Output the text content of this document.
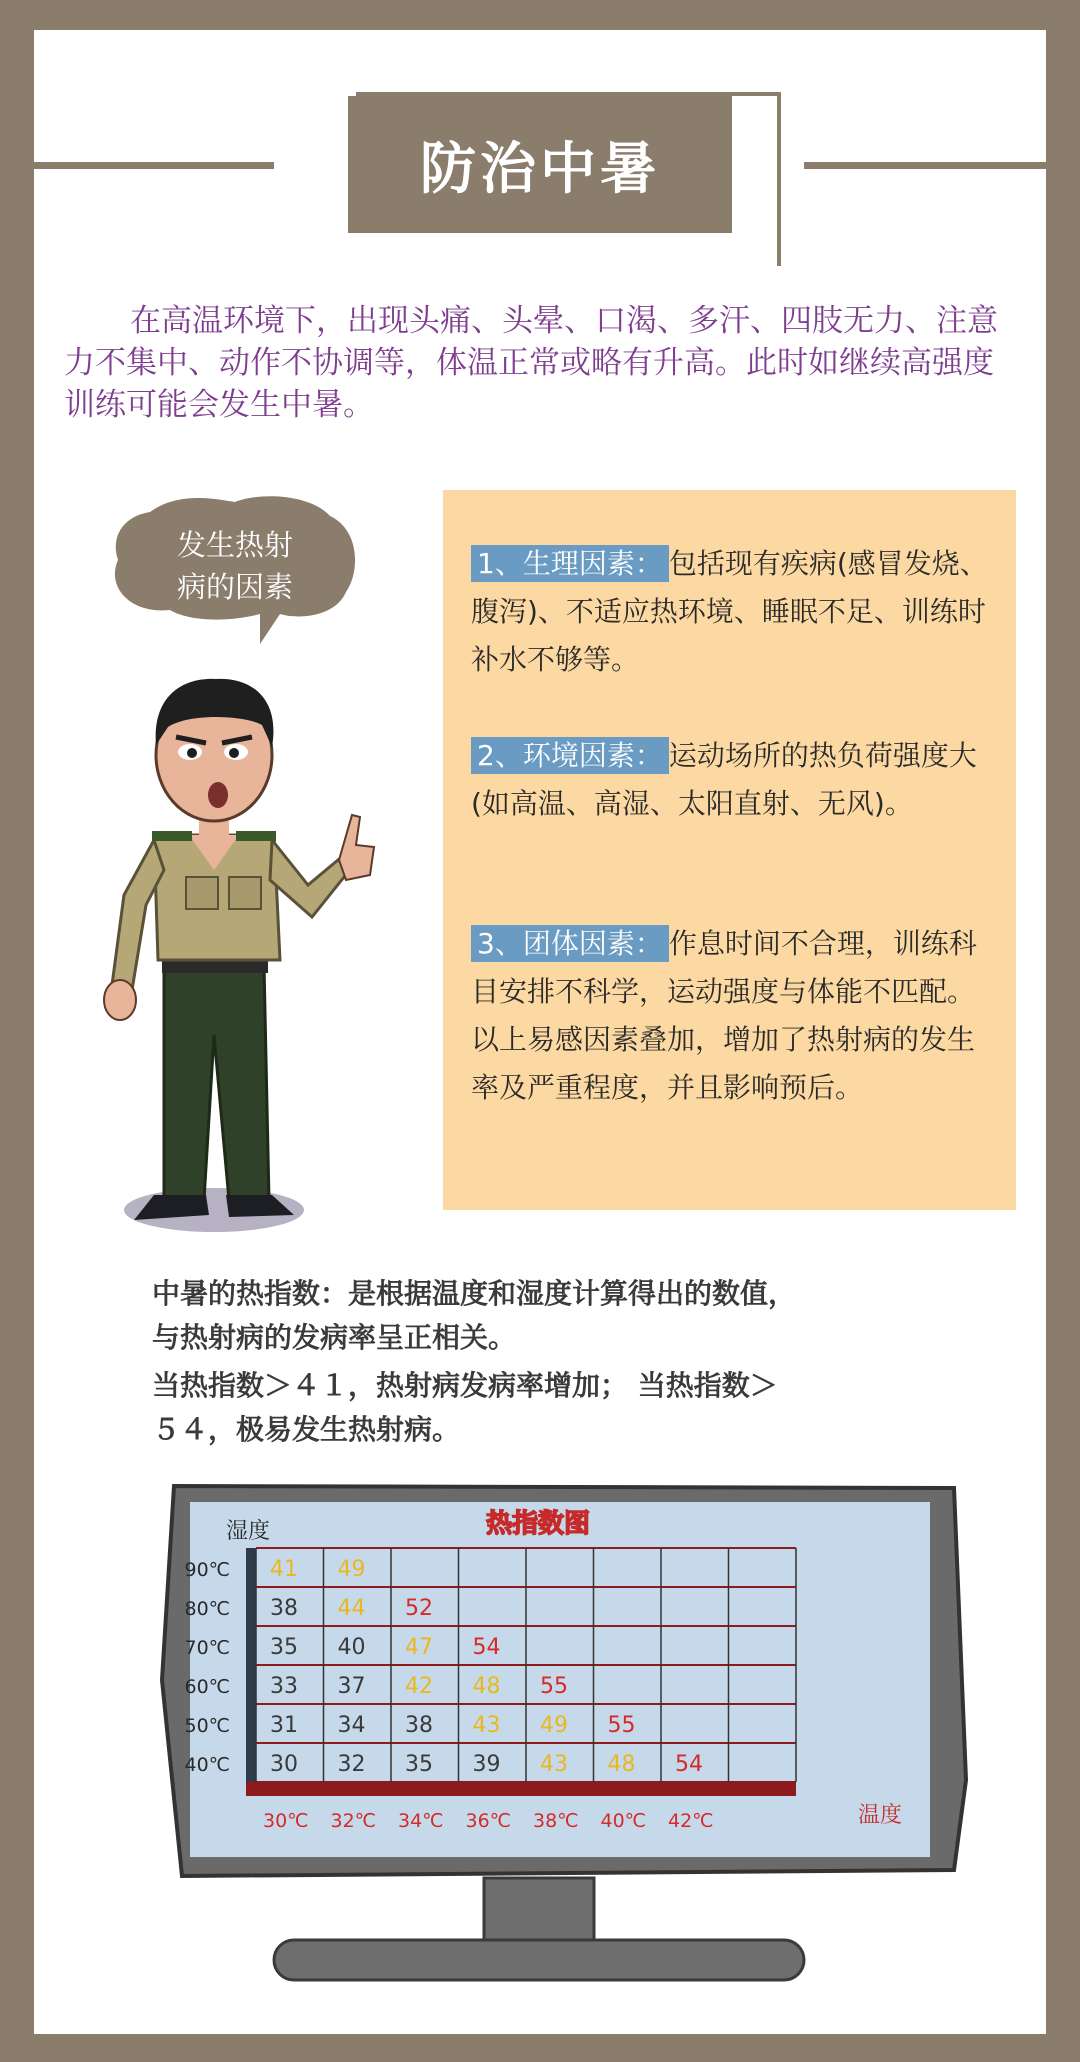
防治中暑

在高温环境下，出现头痛、头晕、口渴、多汗、四肢无力、注意力不集中、动作不协调等，体温正常或略有升高。此时如继续高强度训练可能会发生中暑。

发生热射
病的因素

1、生理因素： 包括现有疾病(感冒发烧、腹泻)、不适应热环境、睡眠不足、训练时补水不够等。

2、环境因素： 运动场所的热负荷强度大(如高温、高湿、太阳直射、无风)。

3、团体因素： 作息时间不合理，训练科目安排不科学，运动强度与体能不匹配。以上易感因素叠加，增加了热射病的发生率及严重程度，并且影响预后。

中暑的热指数：是根据温度和湿度计算得出的数值，

与热射病的发病率呈正相关。

当热指数＞４１，热射病发病率增加； 当热指数＞

５４，极易发生热射病。

热指数图
湿度
温度
41 49
38 44 52
35 40 47 54
33 37 42 48 55
31 34 38 43 49 55
30 32 35 39 43 48 54
90℃
80℃
70℃
60℃
50℃
40℃
30℃ 32℃ 34℃ 36℃ 38℃ 40℃ 42℃
